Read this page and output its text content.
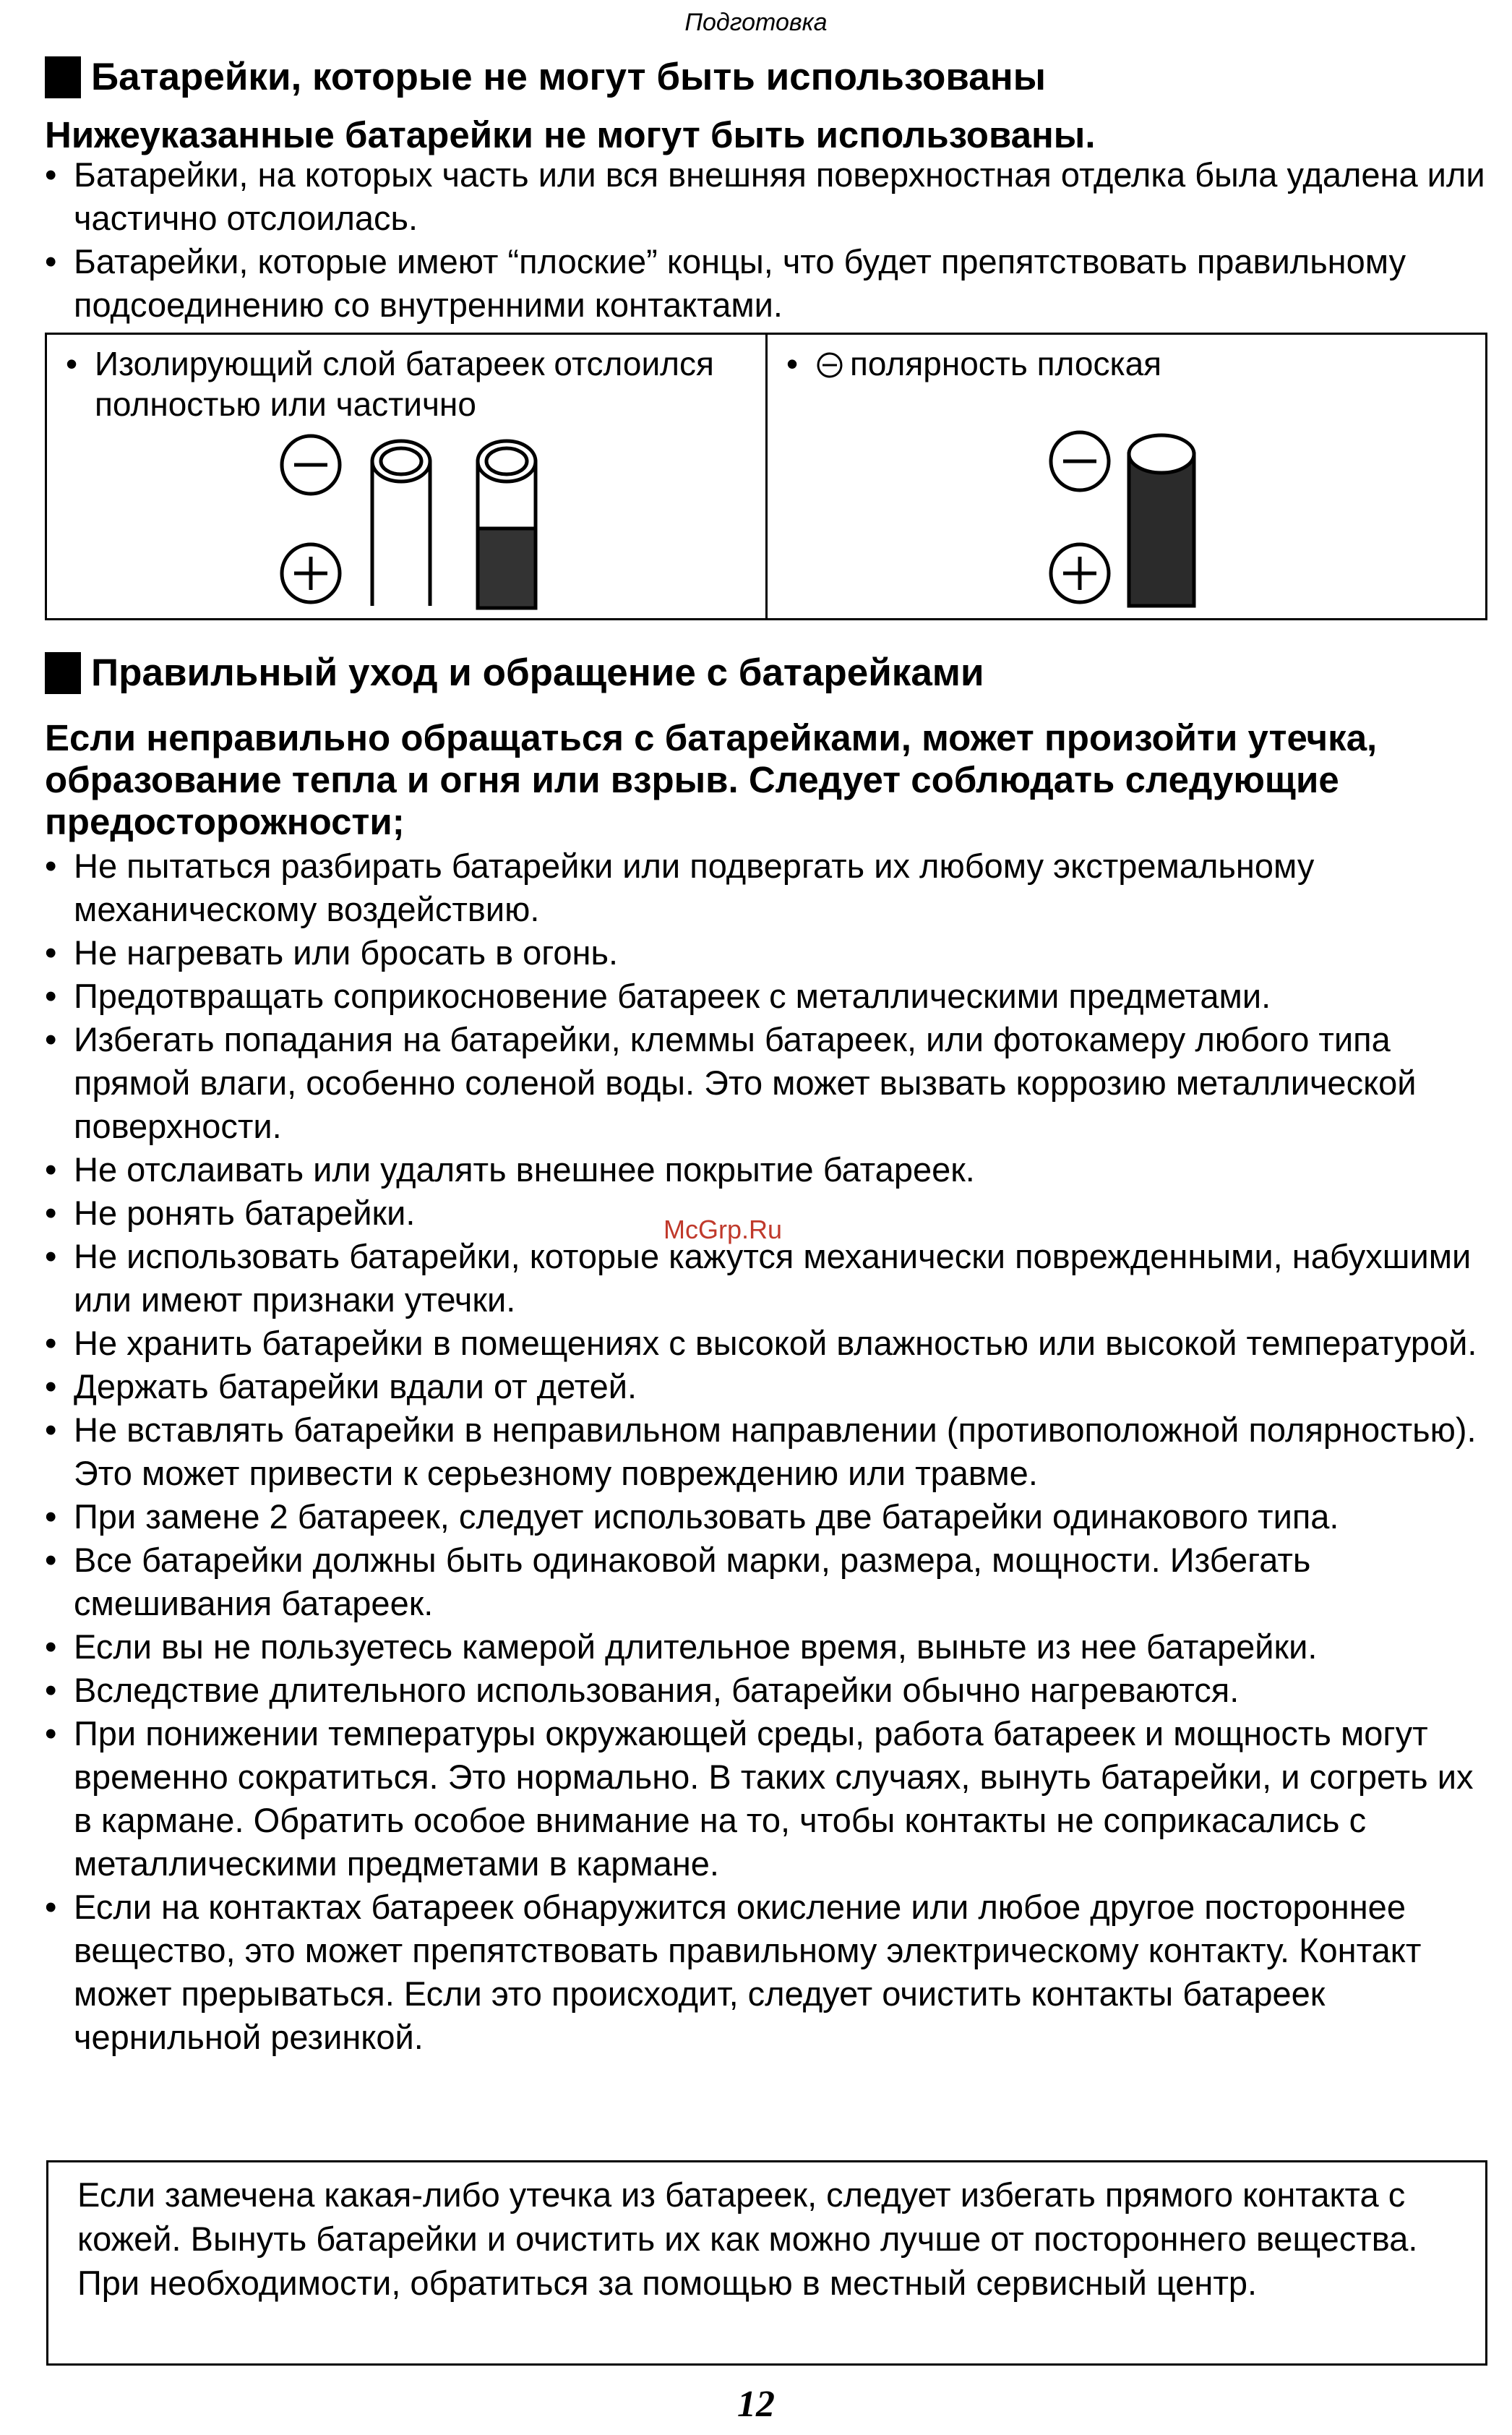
Подготовка
Батарейки, которые не могут быть использованы
Нижеуказанные батарейки не могут быть использованы.
• Батарейки, на которых часть или вся внешняя поверхностная отделка была удалена или частично отслоилась.
• Батарейки, которые имеют “плоские” концы, что будет препятствовать правильному подсоединению со внутренними контактами.
• Изолирующий слой батареек отслоился полностью или частично
• полярность плоская
Правильный уход и обращение с батарейками
Если неправильно обращаться с батарейками, может произойти утечка, образование тепла и огня или взрыв. Следует соблюдать следующие предосторожности;
• Не пытаться разбирать батарейки или подвергать их любому экстремальному механическому воздействию.
• Не нагревать или бросать в огонь.
• Предотвращать соприкосновение батареек с металлическими предметами.
• Избегать попадания на батарейки, клеммы батареек, или фотокамеру любого типа прямой влаги, особенно соленой воды. Это может вызвать коррозию металлической поверхности.
• Не отслаивать или удалять внешнее покрытие батареек.
• Не ронять батарейки.
• Не использовать батарейки, которые кажутся механически поврежденными, набухшими или имеют признаки утечки.
• Не хранить батарейки в помещениях с высокой влажностью или высокой температурой.
• Держать батарейки вдали от детей.
• Не вставлять батарейки в неправильном направлении (противоположной полярностью). Это может привести к серьезному повреждению или травме.
• При замене 2 батареек, следует использовать две батарейки одинакового типа.
• Все батарейки должны быть одинаковой марки, размера, мощности. Избегать смешивания батареек.
• Если вы не пользуетесь камерой длительное время, выньте из нее батарейки.
• Вследствие длительного использования, батарейки обычно нагреваются.
• При понижении температуры окружающей среды, работа батареек и мощность могут временно сократиться. Это нормально. В таких случаях, вынуть батарейки, и согреть их в кармане. Обратить особое внимание на то, чтобы контакты не соприкасались с металлическими предметами в кармане.
• Если на контактах батареек обнаружится окисление или любое другое постороннее вещество, это может препятствовать правильному электрическому контакту. Контакт может прерываться. Если это происходит, следует очистить контакты батареек чернильной резинкой.
McGrp.Ru
Если замечена какая-либо утечка из батареек, следует избегать прямого контакта с кожей. Вынуть батарейки и очистить их как можно лучше от постороннего вещества. При необходимости, обратиться за помощью в местный сервисный центр.
12
